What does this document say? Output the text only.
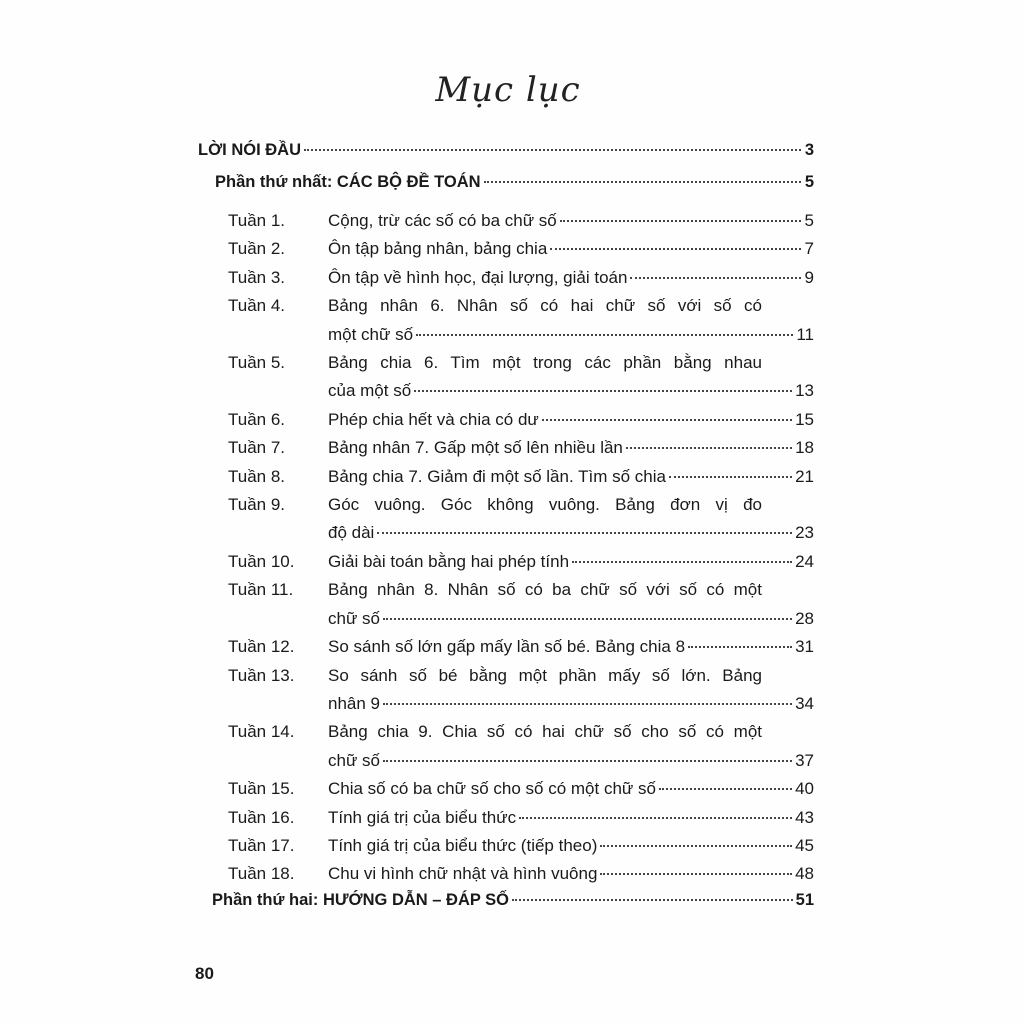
Mục lục
LỜI NÓI ĐẦU	3
Phần thứ nhất: CÁC BỘ ĐỀ TOÁN	5
Tuần 1.	Cộng, trừ các số có ba chữ số	5
Tuần 2.	Ôn tập bảng nhân, bảng chia	7
Tuần 3.	Ôn tập về hình học, đại lượng, giải toán	9
Tuần 4.	Bảng nhân 6. Nhân số có hai chữ số với số có
một chữ số	11
Tuần 5.	Bảng chia 6. Tìm một trong các phần bằng nhau
của một số	13
Tuần 6.	Phép chia hết và chia có dư	15
Tuần 7.	Bảng nhân 7. Gấp một số lên nhiều lần	18
Tuần 8.	Bảng chia 7. Giảm đi một số lần. Tìm số chia	21
Tuần 9.	Góc vuông. Góc không vuông. Bảng đơn vị đo
độ dài	23
Tuần 10.	Giải bài toán bằng hai phép tính	24
Tuần 11.	Bảng nhân 8. Nhân số có ba chữ số với số có một
chữ số	28
Tuần 12.	So sánh số lớn gấp mấy lần số bé. Bảng chia 8	31
Tuần 13.	So sánh số bé bằng một phần mấy số lớn. Bảng
nhân 9	34
Tuần 14.	Bảng chia 9. Chia số có hai chữ số cho số có một
chữ số	37
Tuần 15.	Chia số có ba chữ số cho số có một chữ số	40
Tuần 16.	Tính giá trị của biểu thức	43
Tuần 17.	Tính giá trị của biểu thức (tiếp theo)	45
Tuần 18.	Chu vi hình chữ nhật và hình vuông	48
Phần thứ hai: HƯỚNG DẪN – ĐÁP SỐ	51
80
